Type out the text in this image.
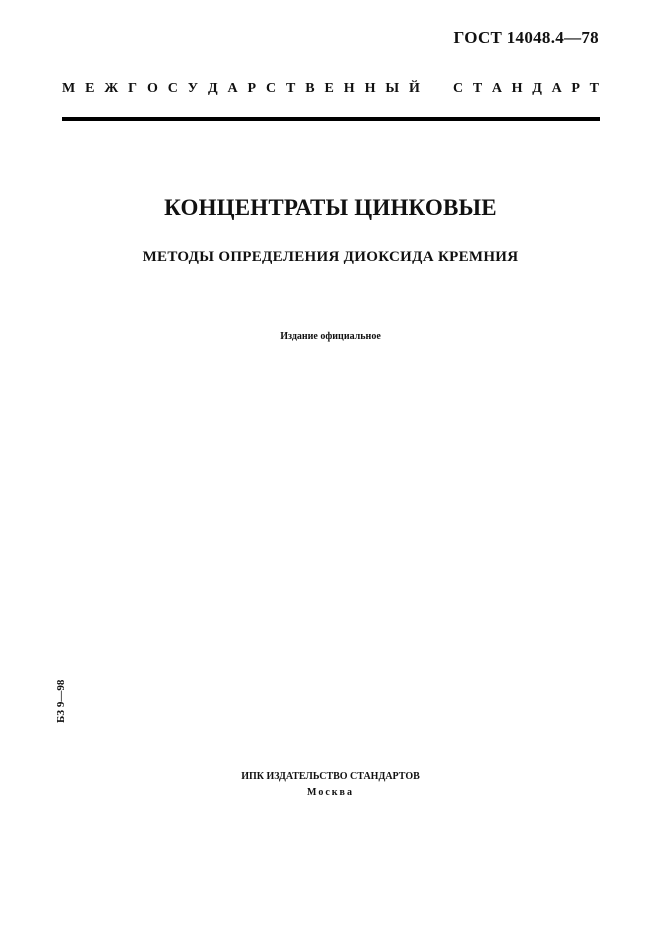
ГОСТ 14048.4—78
М Е Ж Г О С У Д А Р С Т В Е Н Н Ы Й С Т А Н Д А Р Т
КОНЦЕНТРАТЫ ЦИНКОВЫЕ
МЕТОДЫ ОПРЕДЕЛЕНИЯ ДИОКСИДА КРЕМНИЯ
Издание официальное
БЗ 9—98
ИПК ИЗДАТЕЛЬСТВО СТАНДАРТОВ
Москва
